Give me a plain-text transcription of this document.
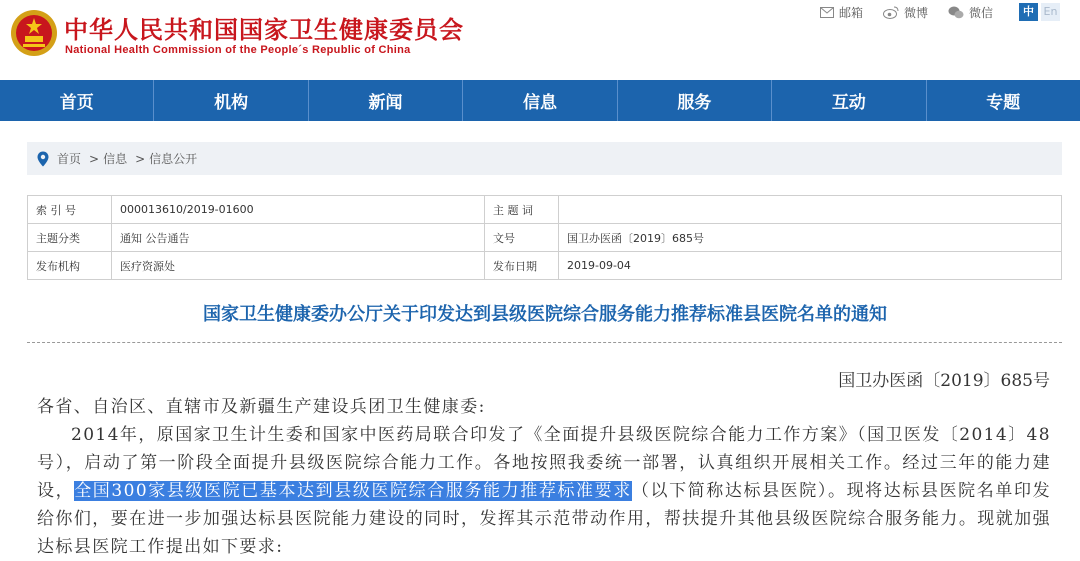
中华人民共和国国家卫生健康委员会
National Health Commission of the People´s Republic of China
邮箱	微博	微信	中 En
首页	机构	新闻	信息	服务	互动	专题
首页 > 信息 > 信息公开
索 引 号	000013610/2019-01600	主 题 词	
主题分类	通知 公告通告	文号	国卫办医函〔2019〕685号
发布机构	医疗资源处	发布日期	2019-09-04
国家卫生健康委办公厅关于印发达到县级医院综合服务能力推荐标准县医院名单的通知
国卫办医函〔2019〕685号

各省、自治区、直辖市及新疆生产建设兵团卫生健康委:

2014年，原国家卫生计生委和国家中医药局联合印发了《全面提升县级医院综合能力工作方案》（国卫医发〔2014〕48号），启动了第一阶段全面提升县级医院综合能力工作。各地按照我委统一部署，认真组织开展相关工作。经过三年的能力建设，全国300家县级医院已基本达到县级医院综合服务能力推荐标准要求（以下简称达标县医院）。现将达标县医院名单印发给你们，要在进一步加强达标县医院能力建设的同时，发挥其示范带动作用，帮扶提升其他县级医院综合服务能力。现就加强达标县医院工作提出如下要求:
